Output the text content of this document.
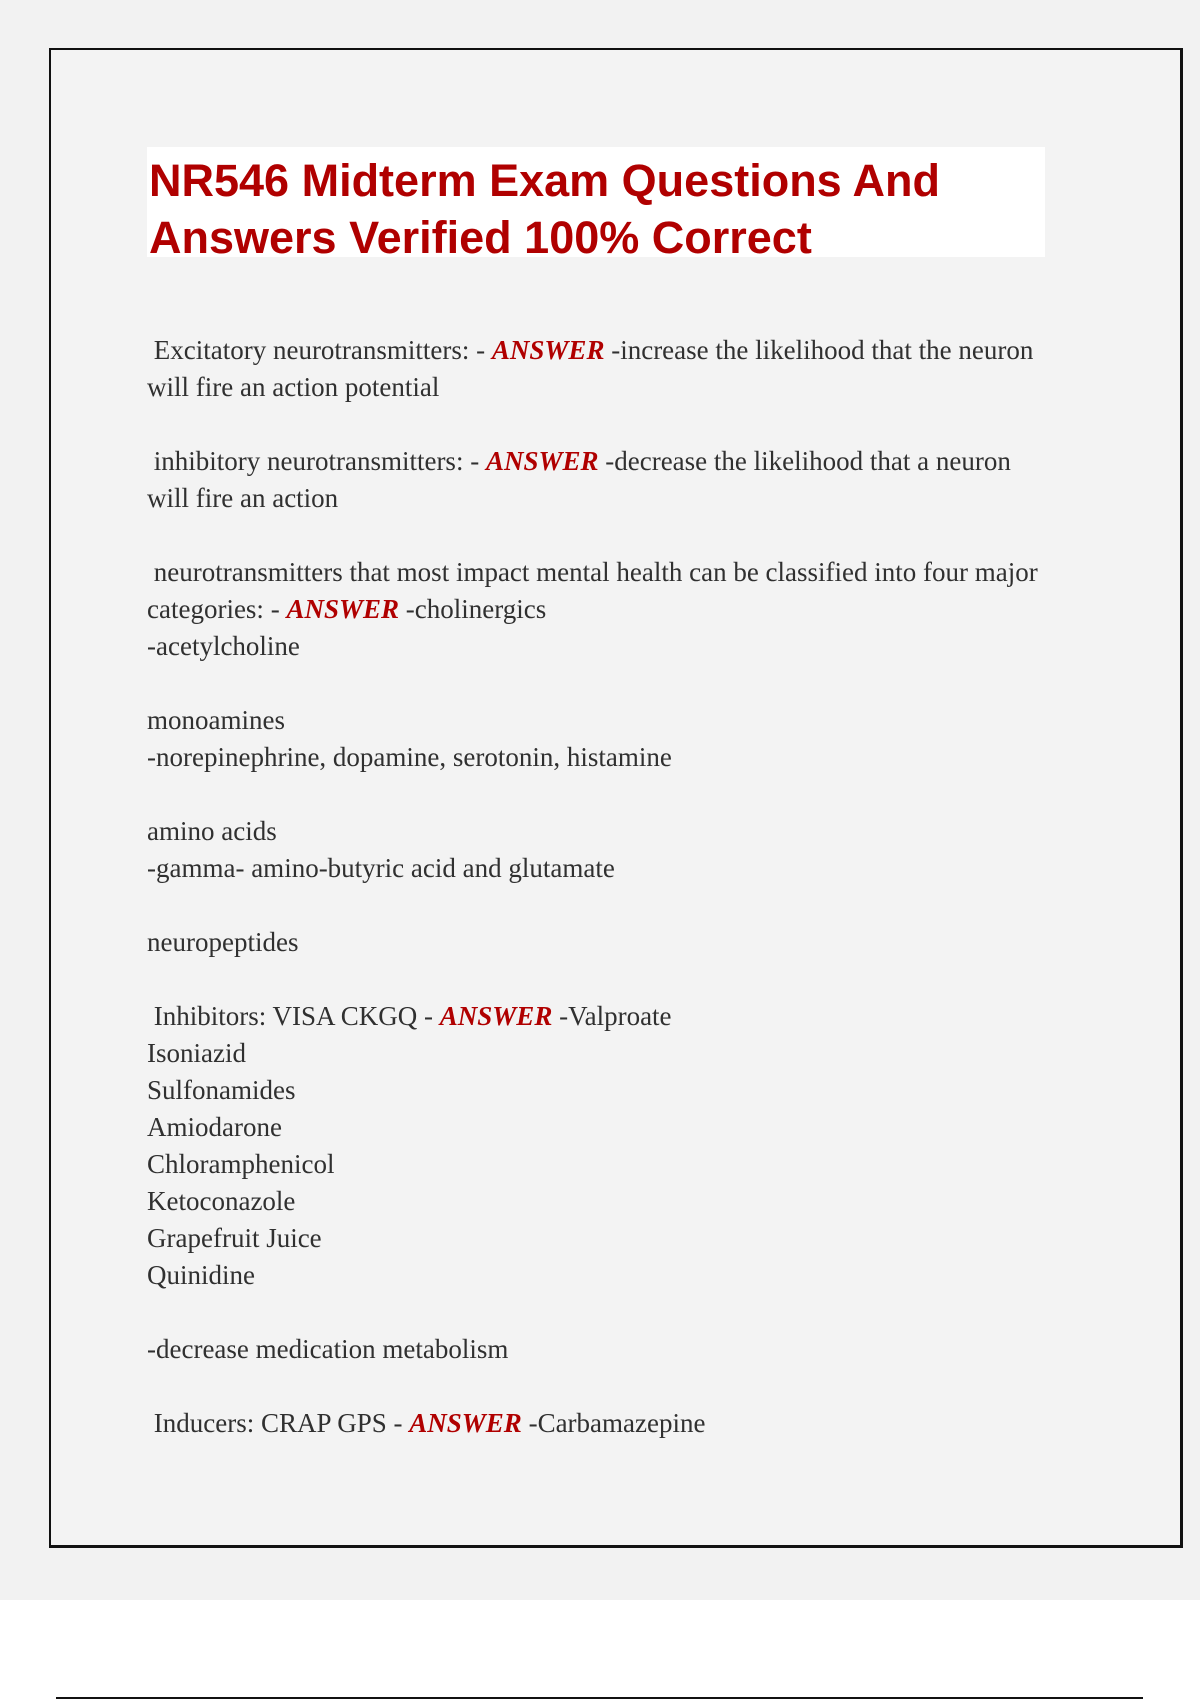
NR546 Midterm Exam Questions And
Answers Verified 100% Correct
Excitatory neurotransmitters: - ANSWER -increase the likelihood that the neuron
will fire an action potential
inhibitory neurotransmitters: - ANSWER -decrease the likelihood that a neuron
will fire an action
neurotransmitters that most impact mental health can be classified into four major
categories: - ANSWER -cholinergics
-acetylcholine
monoamines
-norepinephrine, dopamine, serotonin, histamine
amino acids
-gamma- amino-butyric acid and glutamate
neuropeptides
Inhibitors: VISA CKGQ - ANSWER -Valproate
Isoniazid
Sulfonamides
Amiodarone
Chloramphenicol
Ketoconazole
Grapefruit Juice
Quinidine
-decrease medication metabolism
Inducers: CRAP GPS - ANSWER -Carbamazepine
